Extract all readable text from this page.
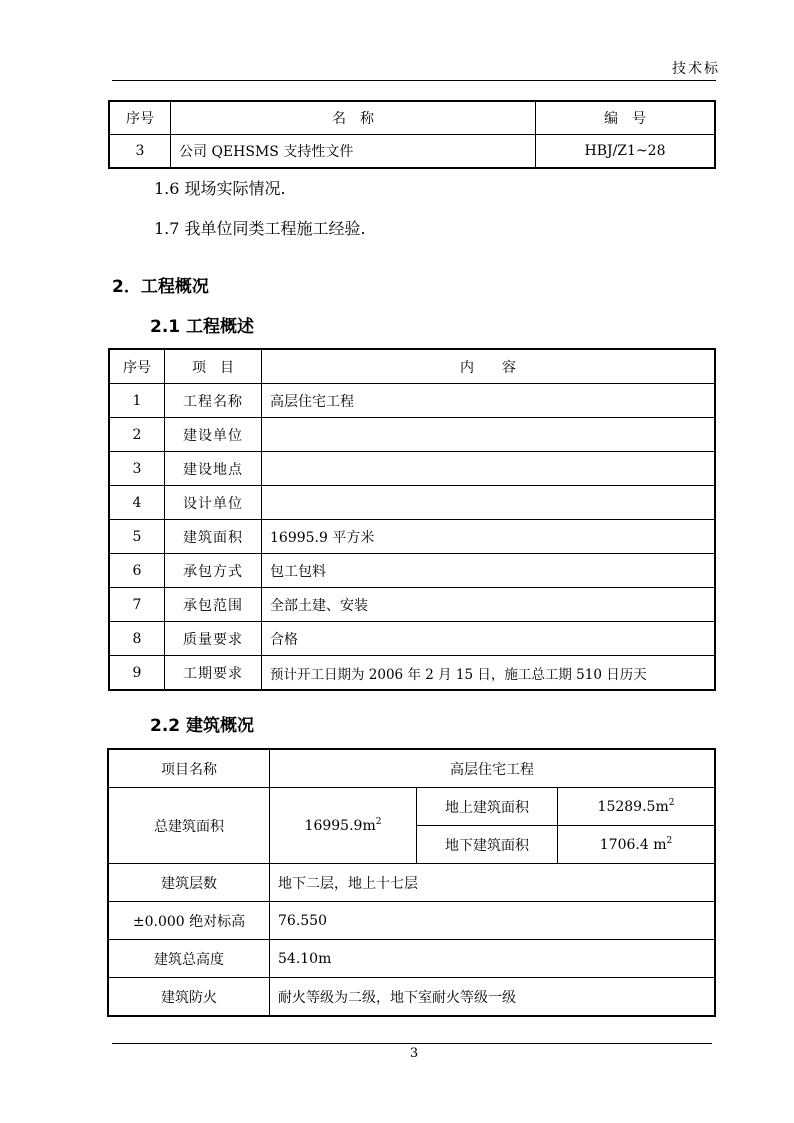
技术标
序号	名　称	编　号
3	公司 QEHSMS 支持性文件	HBJ/Z1~28
1.6 现场实际情况.
1.7 我单位同类工程施工经验.
2．工程概况
2.1 工程概述
序号	项　目	内　　容
1	工程名称	高层住宅工程
2	建设单位	
3	建设地点	
4	设计单位	
5	建筑面积	16995.9 平方米
6	承包方式	包工包料
7	承包范围	全部土建、安装
8	质量要求	合格
9	工期要求	预计开工日期为 2006 年 2 月 15 日，施工总工期 510 日历天
2.2 建筑概况
项目名称	高层住宅工程		
总建筑面积	$16995.9m^2$	地上建筑面积	$15289.5m^2$
		地下建筑面积	1706.4 $m^2$
建筑层数	地下二层，地上十七层		
±0.000 绝对标高	76.550		
建筑总高度	54.10m		
建筑防火	耐火等级为二级，地下室耐火等级一级		
3
